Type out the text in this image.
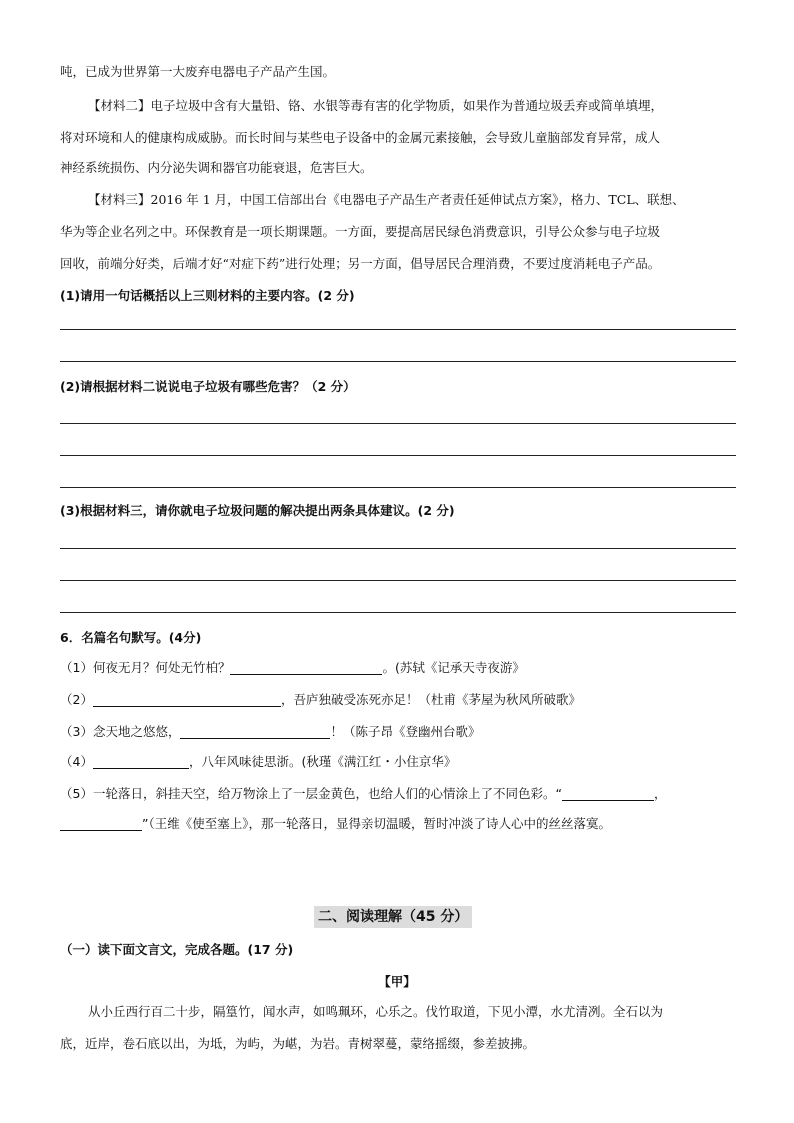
吨，已成为世界第一大废弃电器电子产品产生国。
【材料二】电子垃圾中含有大量铅、铬、水银等毒有害的化学物质，如果作为普通垃圾丢弃或简单填埋，
将对环境和人的健康构成威胁。而长时间与某些电子设备中的金属元素接触，会导致儿童脑部发育异常，成人
神经系统损伤、内分泌失调和器官功能衰退，危害巨大。
【材料三】2016 年 1 月，中国工信部出台《电器电子产品生产者责任延伸试点方案》，格力、TCL、联想、
华为等企业名列之中。环保教育是一项长期课题。一方面，要提高居民绿色消费意识，引导公众参与电子垃圾
回收，前端分好类，后端才好“对症下药”进行处理；另一方面，倡导居民合理消费，不要过度消耗电子产品。
(1)请用一句话概括以上三则材料的主要内容。(2 分)
(2)请根据材料二说说电子垃圾有哪些危害？（2 分）
(3)根据材料三，请你就电子垃圾问题的解决提出两条具体建议。(2 分)
6．名篇名句默写。(4分)
（1）何夜无月？何处无竹柏？	。(苏轼《记承天寺夜游》
（2）	，吾庐独破受冻死亦足！（杜甫《茅屋为秋风所破歌》
（3）念天地之悠悠，	！（陈子昂《登幽州台歌》
（4）	，八年风味徒思浙。(秋瑾《满江红・小住京华》
（5）一轮落日，斜挂天空，给万物涂上了一层金黄色，也给人们的心情涂上了不同色彩。“	，
”（王维《使至塞上》，那一轮落日，显得亲切温暖，暂时冲淡了诗人心中的丝丝落寞。
二、阅读理解（45 分）
（一）读下面文言文，完成各题。(17 分)
【甲】
从小丘西行百二十步，隔篁竹，闻水声，如鸣珮环，心乐之。伐竹取道，下见小潭，水尤清冽。全石以为
底，近岸，卷石底以出，为坻，为屿，为嵁，为岩。青树翠蔓，蒙络摇缀，参差披拂。
